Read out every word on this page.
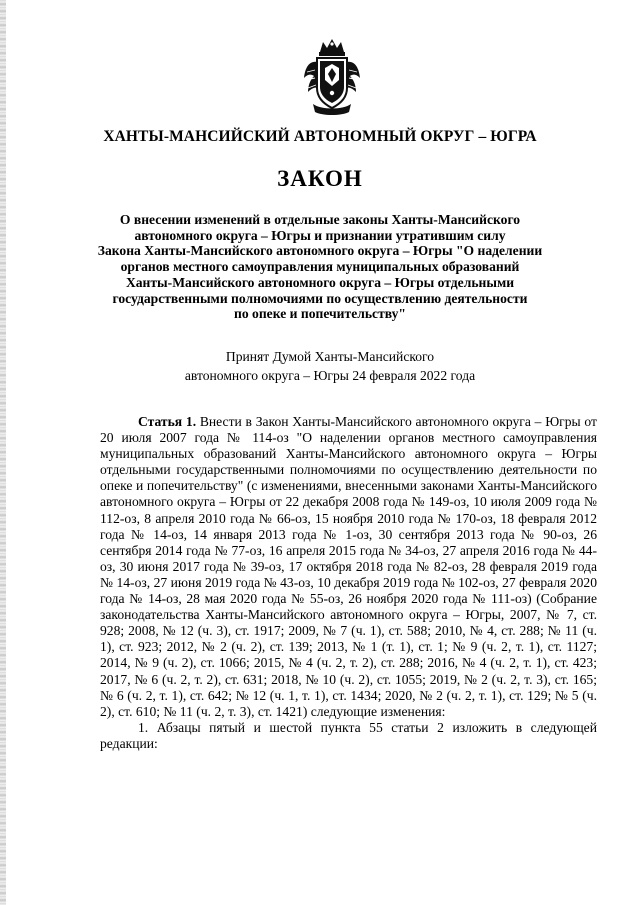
ХАНТЫ-МАНСИЙСКИЙ АВТОНОМНЫЙ ОКРУГ – ЮГРА
ЗАКОН
О внесении изменений в отдельные законы Ханты-Мансийского
автономного округа – Югры и признании утратившим силу
Закона Ханты-Мансийского автономного округа – Югры "О наделении
органов местного самоуправления муниципальных образований
Ханты-Мансийского автономного округа – Югры отдельными
государственными полномочиями по осуществлению деятельности
по опеке и попечительству"
Принят Думой Ханты-Мансийского
автономного округа – Югры 24 февраля 2022 года

Статья 1. Внести в Закон Ханты-Мансийского автономного округа – Югры от 20 июля 2007 года № 114-оз "О наделении органов местного самоуправления муниципальных образований Ханты-Мансийского автономного округа – Югры отдельными государственными полномочиями по осуществлению деятельности по опеке и попечительству" (с изменениями, внесенными законами Ханты-Мансийского автономного округа – Югры от 22 декабря 2008 года № 149-оз, 10 июля 2009 года № 112-оз, 8 апреля 2010 года № 66-оз, 15 ноября 2010 года № 170-оз, 18 февраля 2012 года № 14-оз, 14 января 2013 года № 1-оз, 30 сентября 2013 года № 90-оз, 26 сентября 2014 года № 77-оз, 16 апреля 2015 года № 34-оз, 27 апреля 2016 года № 44-оз, 30 июня 2017 года № 39-оз, 17 октября 2018 года № 82-оз, 28 февраля 2019 года № 14-оз, 27 июня 2019 года № 43-оз, 10 декабря 2019 года № 102-оз, 27 февраля 2020 года № 14-оз, 28 мая 2020 года № 55-оз, 26 ноября 2020 года № 111-оз) (Собрание законодательства Ханты-Мансийского автономного округа – Югры, 2007, № 7, ст. 928; 2008, № 12 (ч. 3), ст. 1917; 2009, № 7 (ч. 1), ст. 588; 2010, № 4, ст. 288; № 11 (ч. 1), ст. 923; 2012, № 2 (ч. 2), ст. 139; 2013, № 1 (т. 1), ст. 1; № 9 (ч. 2, т. 1), ст. 1127; 2014, № 9 (ч. 2), ст. 1066; 2015, № 4 (ч. 2, т. 2), ст. 288; 2016, № 4 (ч. 2, т. 1), ст. 423; 2017, № 6 (ч. 2, т. 2), ст. 631; 2018, № 10 (ч. 2), ст. 1055; 2019, № 2 (ч. 2, т. 3), ст. 165; № 6 (ч. 2, т. 1), ст. 642; № 12 (ч. 1, т. 1), ст. 1434; 2020, № 2 (ч. 2, т. 1), ст. 129; № 5 (ч. 2), ст. 610; № 11 (ч. 2, т. 3), ст. 1421) следующие изменения:

1. Абзацы пятый и шестой пункта 55 статьи 2 изложить в следующей редакции:
